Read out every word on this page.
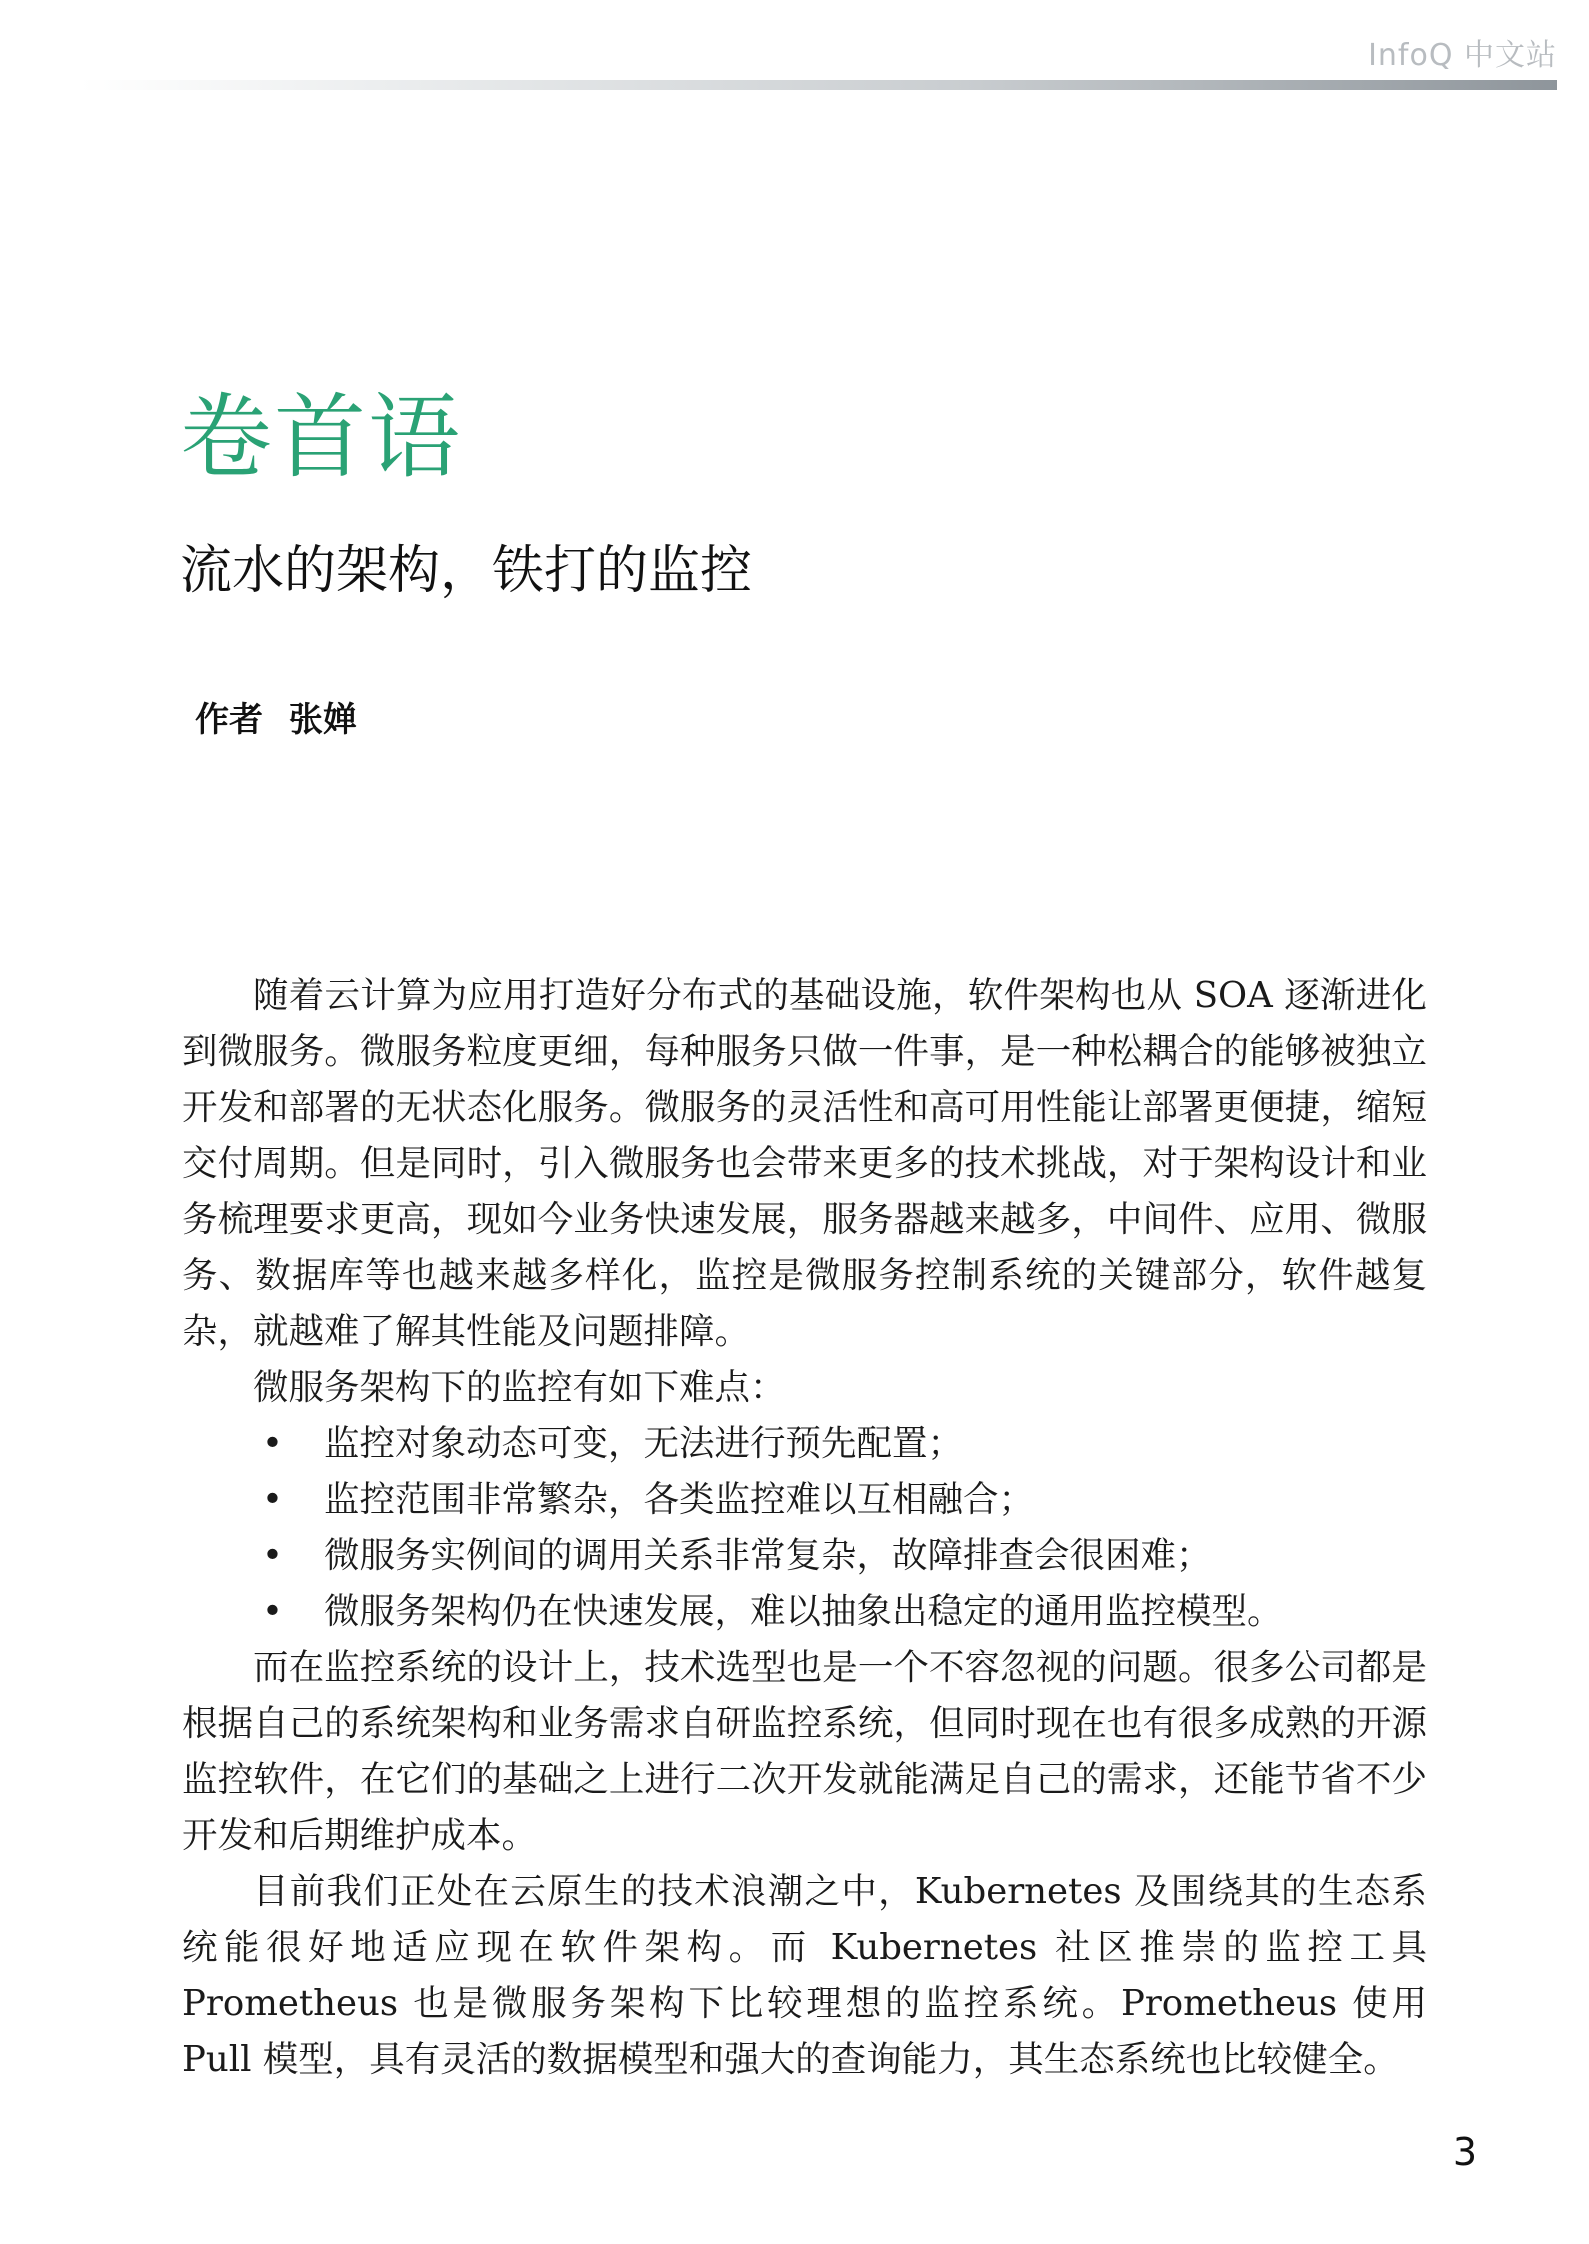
InfoQ 中文站
卷首语
流水的架构，铁打的监控
作者 张婵

随着云计算为应用打造好分布式的基础设施，软件架构也从 SOA 逐渐进化到微服务。微服务粒度更细，每种服务只做一件事，是一种松耦合的能够被独立开发和部署的无状态化服务。微服务的灵活性和高可用性能让部署更便捷，缩短交付周期。但是同时，引入微服务也会带来更多的技术挑战，对于架构设计和业务梳理要求更高，现如今业务快速发展，服务器越来越多，中间件、应用、微服务、数据库等也越来越多样化，监控是微服务控制系统的关键部分，软件越复杂，就越难了解其性能及问题排障。

微服务架构下的监控有如下难点：

• 监控对象动态可变，无法进行预先配置；
• 监控范围非常繁杂，各类监控难以互相融合；
• 微服务实例间的调用关系非常复杂，故障排查会很困难；
• 微服务架构仍在快速发展，难以抽象出稳定的通用监控模型。

而在监控系统的设计上，技术选型也是一个不容忽视的问题。很多公司都是根据自己的系统架构和业务需求自研监控系统，但同时现在也有很多成熟的开源监控软件，在它们的基础之上进行二次开发就能满足自己的需求，还能节省不少开发和后期维护成本。

目前我们正处在云原生的技术浪潮之中，Kubernetes 及围绕其的生态系统能很好地适应现在软件架构。而 Kubernetes 社区推崇的监控工具 Prometheus 也是微服务架构下比较理想的监控系统。Prometheus 使用 Pull 模型，具有灵活的数据模型和强大的查询能力，其生态系统也比较健全。

3
